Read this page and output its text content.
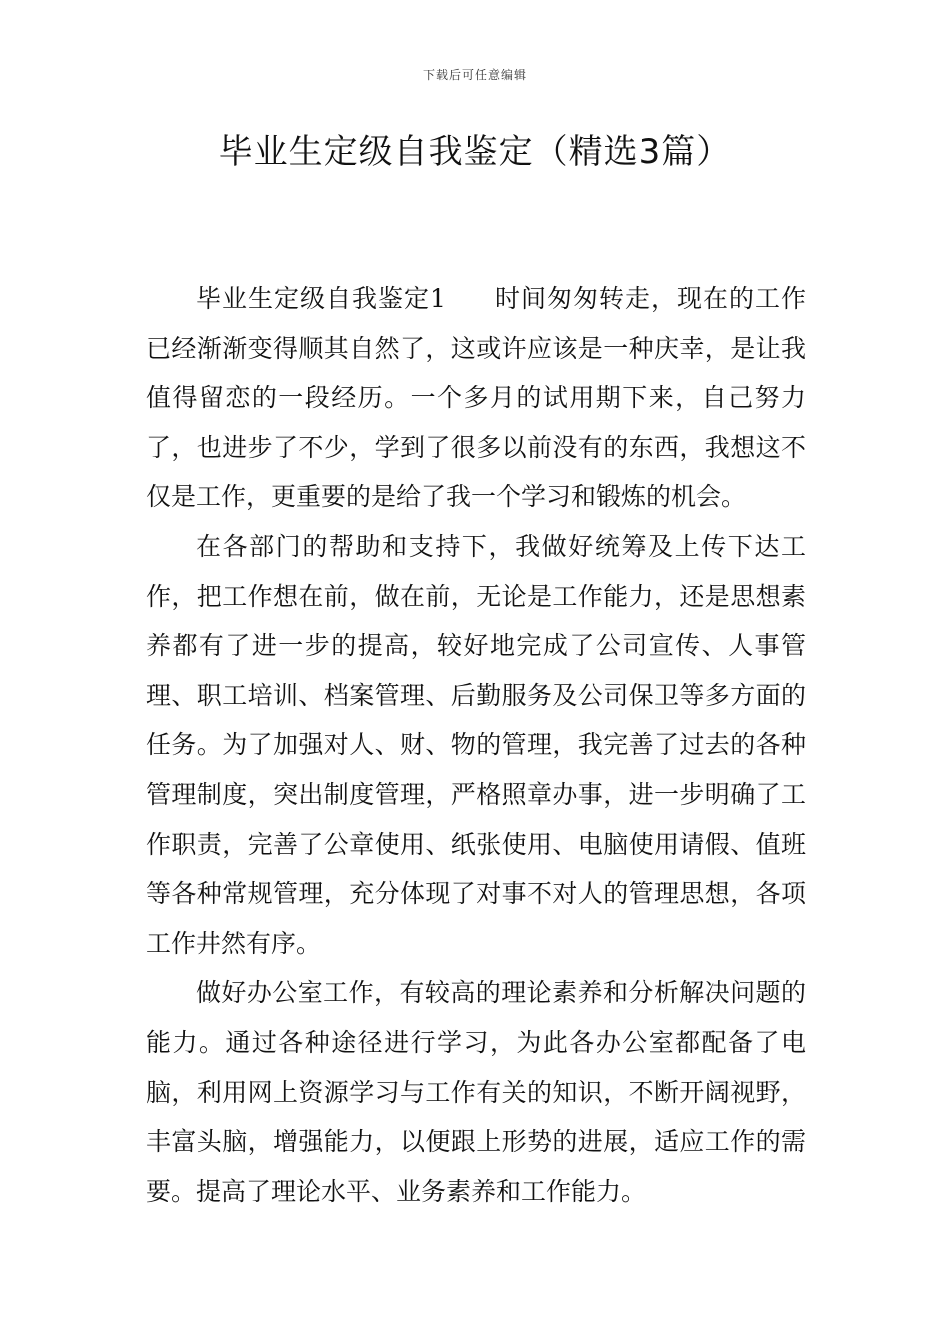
下载后可任意编辑
毕业生定级自我鉴定（精选3篇）

毕业生定级自我鉴定1 时间匆匆转走，现在的工作已经渐渐变得顺其自然了，这或许应该是一种庆幸，是让我值得留恋的一段经历。一个多月的试用期下来，自己努力了，也进步了不少，学到了很多以前没有的东西，我想这不仅是工作，更重要的是给了我一个学习和锻炼的机会。

在各部门的帮助和支持下，我做好统筹及上传下达工作，把工作想在前，做在前，无论是工作能力，还是思想素养都有了进一步的提高，较好地完成了公司宣传、人事管理、职工培训、档案管理、后勤服务及公司保卫等多方面的任务。为了加强对人、财、物的管理，我完善了过去的各种管理制度，突出制度管理，严格照章办事，进一步明确了工作职责，完善了公章使用、纸张使用、电脑使用请假、值班等各种常规管理，充分体现了对事不对人的管理思想，各项工作井然有序。

做好办公室工作，有较高的理论素养和分析解决问题的能力。通过各种途径进行学习，为此各办公室都配备了电脑，利用网上资源学习与工作有关的知识，不断开阔视野，丰富头脑，增强能力，以便跟上形势的进展，适应工作的需要。提高了理论水平、业务素养和工作能力。
